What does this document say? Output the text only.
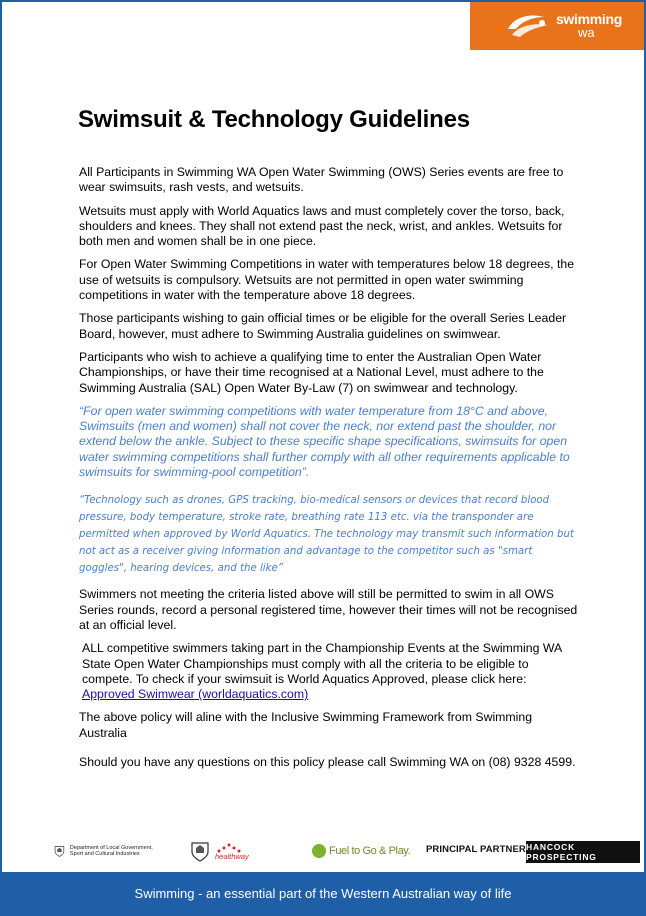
swimming
wa
Swimsuit & Technology Guidelines

All Participants in Swimming WA Open Water Swimming (OWS) Series events are free to wear swimsuits, rash vests, and wetsuits.

Wetsuits must apply with World Aquatics laws and must completely cover the torso, back, shoulders and knees. They shall not extend past the neck, wrist, and ankles. Wetsuits for both men and women shall be in one piece.

For Open Water Swimming Competitions in water with temperatures below 18 degrees, the use of wetsuits is compulsory. Wetsuits are not permitted in open water swimming competitions in water with the temperature above 18 degrees.

Those participants wishing to gain official times or be eligible for the overall Series Leader Board, however, must adhere to Swimming Australia guidelines on swimwear.

Participants who wish to achieve a qualifying time to enter the Australian Open Water Championships, or have their time recognised at a National Level, must adhere to the Swimming Australia (SAL) Open Water By-Law (7) on swimwear and technology.

“For open water swimming competitions with water temperature from 18°C and above, Swimsuits (men and women) shall not cover the neck, nor extend past the shoulder, nor extend below the ankle. Subject to these specific shape specifications, swimsuits for open water swimming competitions shall further comply with all other requirements applicable to swimsuits for swimming-pool competition”.

“Technology such as drones, GPS tracking, bio-medical sensors or devices that record blood pressure, body temperature, stroke rate, breathing rate 113 etc. via the transponder are permitted when approved by World Aquatics. The technology may transmit such information but not act as a receiver giving information and advantage to the competitor such as "smart goggles", hearing devices, and the like”

Swimmers not meeting the criteria listed above will still be permitted to swim in all OWS Series rounds, record a personal registered time, however their times will not be recognised at an official level.

ALL competitive swimmers taking part in the Championship Events at the Swimming WA State Open Water Championships must comply with all the criteria to be eligible to compete. To check if your swimsuit is World Aquatics Approved, please click here: Approved Swimwear (worldaquatics.com)

The above policy will aline with the Inclusive Swimming Framework from Swimming Australia

Should you have any questions on this policy please call Swimming WA on (08) 9328 4599.

Department of Local Government, Sport and Cultural Industries	healthway	Fuel to Go & Play. PRINCIPAL PARTNER HANCOCK PROSPECTING
Swimming - an essential part of the Western Australian way of life
